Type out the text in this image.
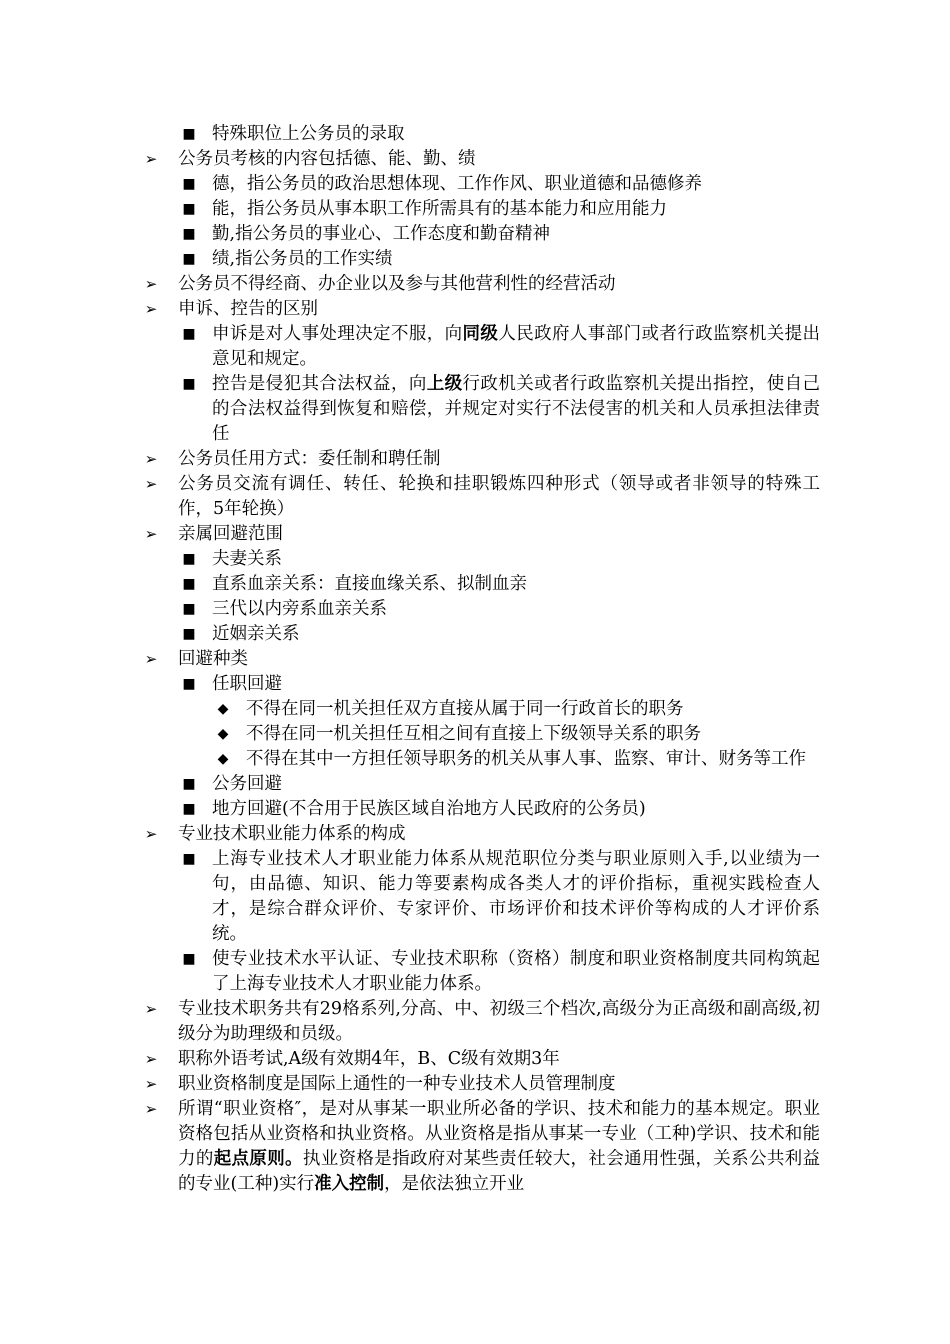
■ 特殊职位上公务员的录取
➢ 公务员考核的内容包括德、能、勤、绩
■ 德，指公务员的政治思想体现、工作作风、职业道德和品德修养
■ 能，指公务员从事本职工作所需具有的基本能力和应用能力
■ 勤,指公务员的事业心、工作态度和勤奋精神
■ 绩,指公务员的工作实绩
➢ 公务员不得经商、办企业以及参与其他营利性的经营活动
➢ 申诉、控告的区别
■ 申诉是对人事处理决定不服，向同级人民政府人事部门或者行政监察机关提出意见和规定。
■ 控告是侵犯其合法权益，向上级行政机关或者行政监察机关提出指控，使自己的合法权益得到恢复和赔偿，并规定对实行不法侵害的机关和人员承担法律责任
➢ 公务员任用方式：委任制和聘任制
➢ 公务员交流有调任、转任、轮换和挂职锻炼四种形式（领导或者非领导的特殊工作，5年轮换）
➢ 亲属回避范围
■ 夫妻关系
■ 直系血亲关系：直接血缘关系、拟制血亲
■ 三代以内旁系血亲关系
■ 近姻亲关系
➢ 回避种类
■ 任职回避
◆	不得在同一机关担任双方直接从属于同一行政首长的职务
◆	不得在同一机关担任互相之间有直接上下级领导关系的职务
◆	不得在其中一方担任领导职务的机关从事人事、监察、审计、财务等工作
■ 公务回避
■ 地方回避(不合用于民族区域自治地方人民政府的公务员)
➢ 专业技术职业能力体系的构成
■ 上海专业技术人才职业能力体系从规范职位分类与职业原则入手,以业绩为一句，由品德、知识、能力等要素构成各类人才的评价指标，重视实践检查人才，是综合群众评价、专家评价、市场评价和技术评价等构成的人才评价系统。
■ 使专业技术水平认证、专业技术职称（资格）制度和职业资格制度共同构筑起了上海专业技术人才职业能力体系。
➢ 专业技术职务共有29格系列,分高、中、初级三个档次,高级分为正高级和副高级,初级分为助理级和员级。
➢ 职称外语考试,A级有效期4年，B、C级有效期3年
➢ 职业资格制度是国际上通性的一种专业技术人员管理制度
➢ 所谓“职业资格″，是对从事某一职业所必备的学识、技术和能力的基本规定。职业资格包括从业资格和执业资格。从业资格是指从事某一专业（工种)学识、技术和能力的起点原则。执业资格是指政府对某些责任较大，社会通用性强，关系公共利益的专业(工种)实行准入控制，是依法独立开业
